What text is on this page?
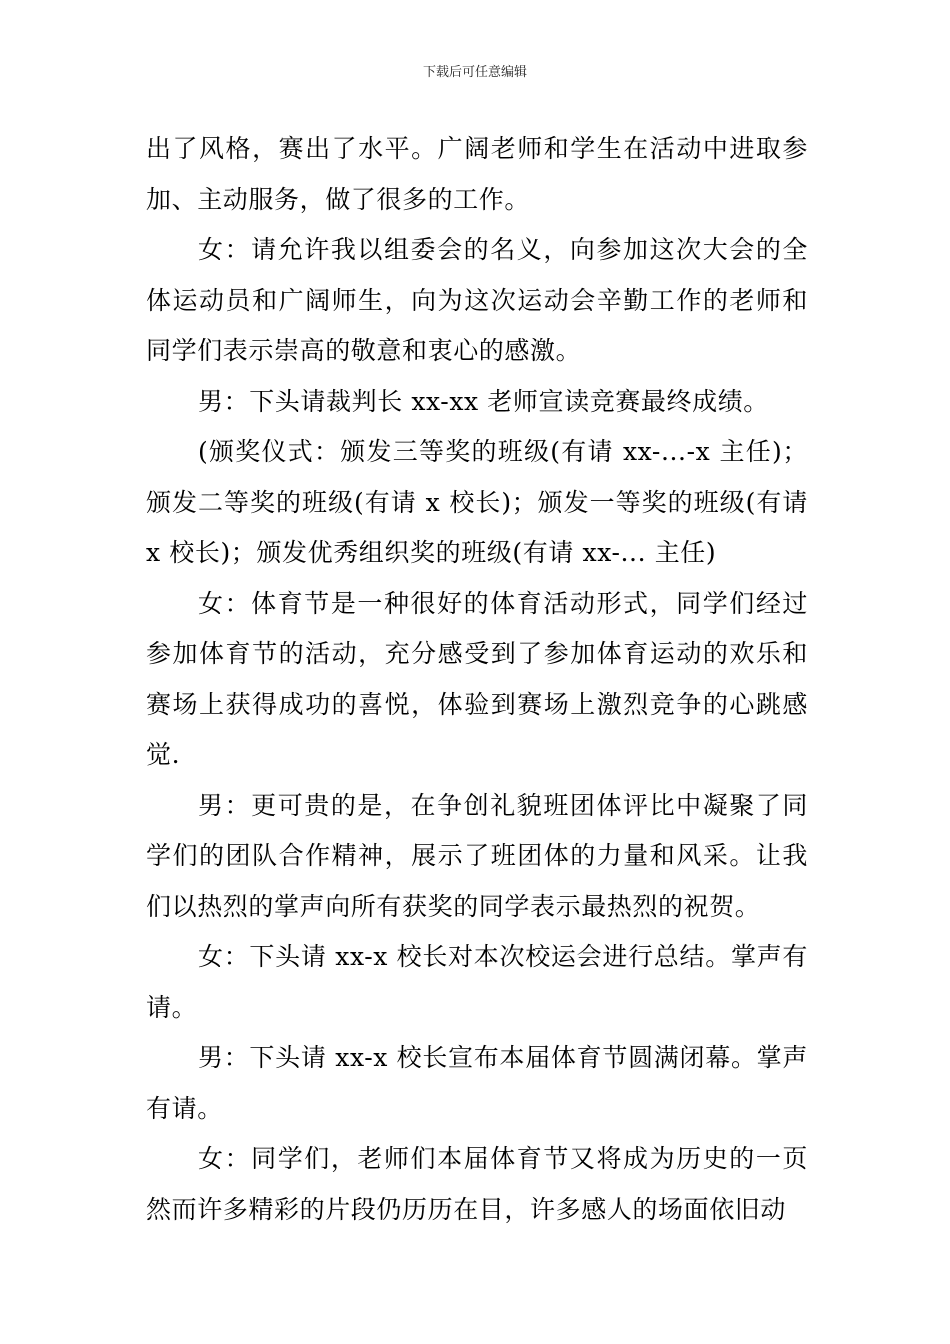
下载后可任意编辑

出了风格，赛出了水平。广阔老师和学生在活动中进取参加、主动服务，做了很多的工作。

女：请允许我以组委会的名义，向参加这次大会的全体运动员和广阔师生，向为这次运动会辛勤工作的老师和同学们表示崇高的敬意和衷心的感激。

男：下头请裁判长 xx-xx 老师宣读竞赛最终成绩。

(颁奖仪式：颁发三等奖的班级(有请 xx-...-x 主任)；颁发二等奖的班级(有请 x 校长)；颁发一等奖的班级(有请 x 校长)；颁发优秀组织奖的班级(有请 xx-... 主任)

女：体育节是一种很好的体育活动形式，同学们经过参加体育节的活动，充分感受到了参加体育运动的欢乐和赛场上获得成功的喜悦，体验到赛场上激烈竞争的心跳感觉.

男：更可贵的是，在争创礼貌班团体评比中凝聚了同学们的团队合作精神，展示了班团体的力量和风采。让我们以热烈的掌声向所有获奖的同学表示最热烈的祝贺。

女：下头请 xx-x 校长对本次校运会进行总结。掌声有请。

男：下头请 xx-x 校长宣布本届体育节圆满闭幕。掌声有请。

女：同学们，老师们本届体育节又将成为历史的一页然而许多精彩的片段仍历历在目，许多感人的场面依旧动
